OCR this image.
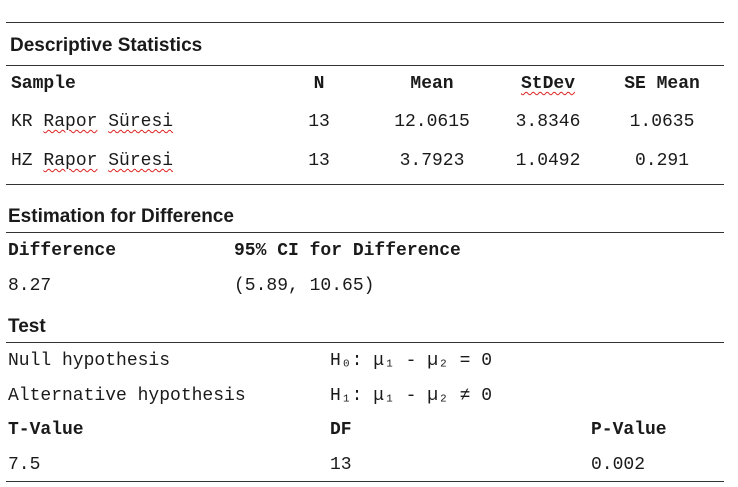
Descriptive Statistics
Sample	N	Mean	StDev	SE Mean
KR Rapor Süresi	13	12.0615	3.8346	1.0635
HZ Rapor Süresi	13	3.7923	1.0492	0.291
Estimation for Difference
Difference	95% CI for Difference
8.27	(5.89, 10.65)
Test
Null hypothesis	H₀: μ₁ - µ₂ = 0
Alternative hypothesis	H₁: μ₁ - µ₂ ≠ 0
T-Value	DF	P-Value
7.5	13	0.002
